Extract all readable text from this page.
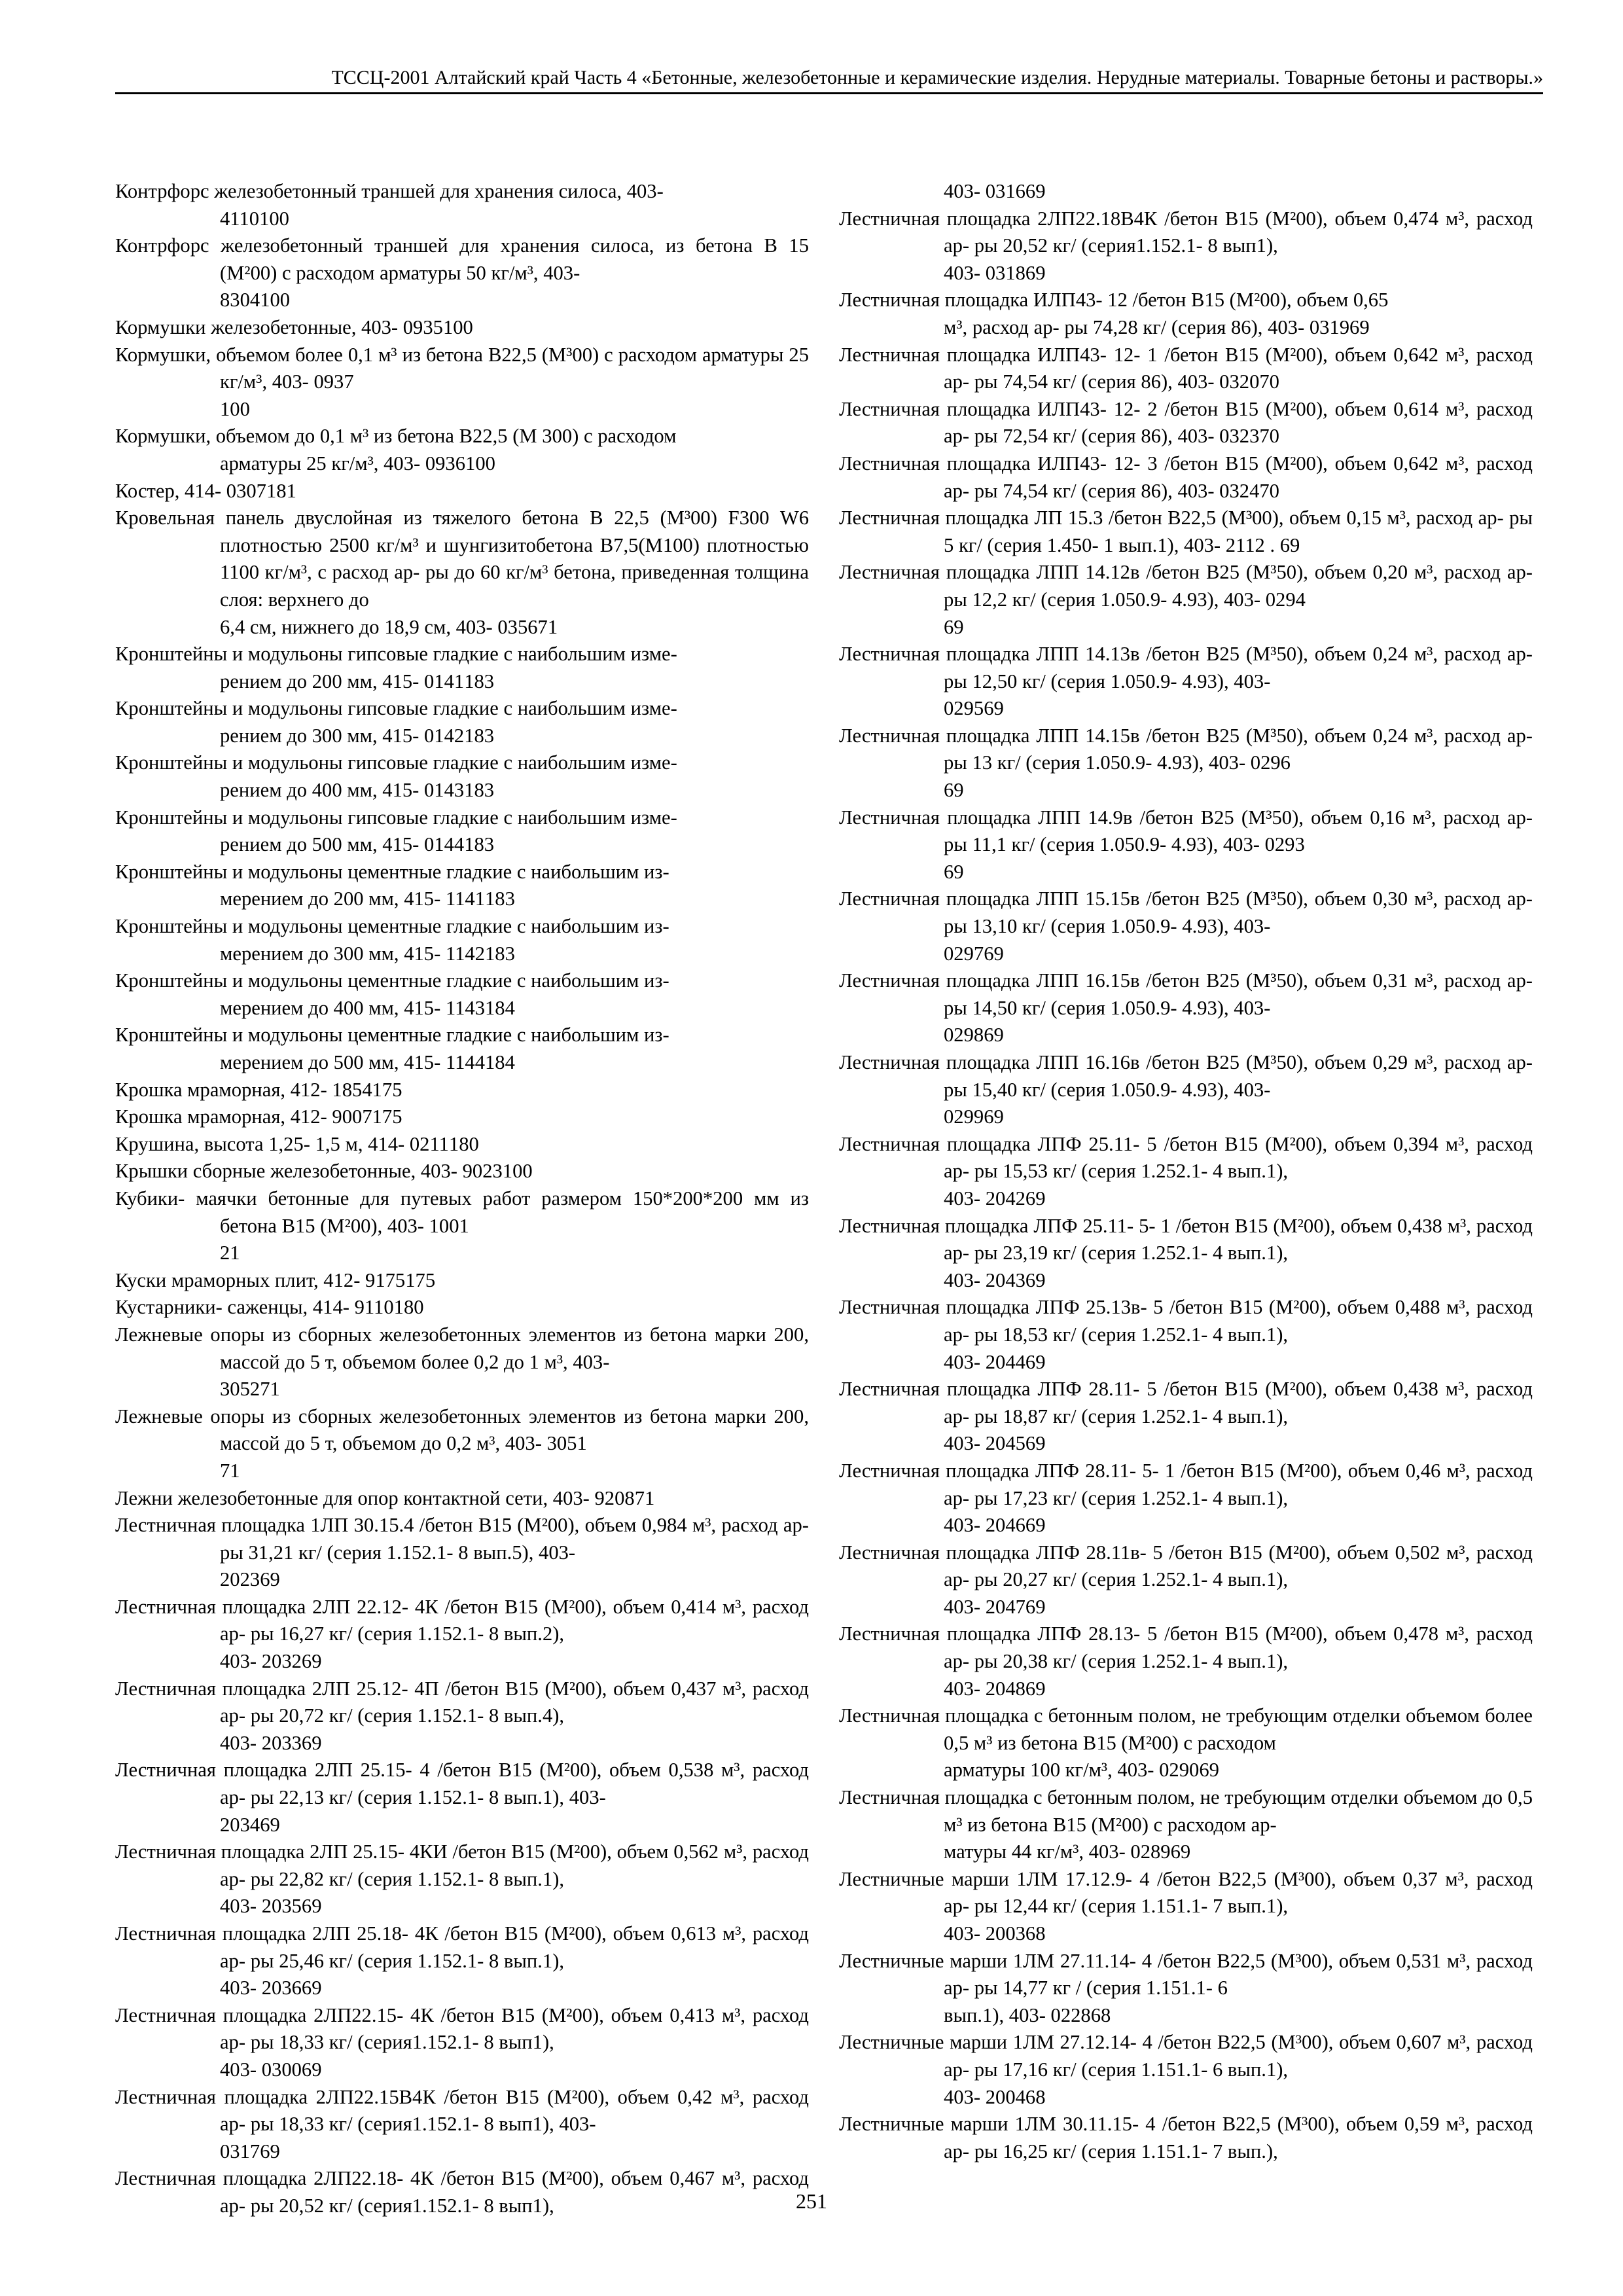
ТССЦ-2001 Алтайский край Часть 4 «Бетонные, железобетонные и керамические изделия. Нерудные материалы. Товарные бетоны и растворы.»
Контрфорс железобетонный траншей для хранения силоса, 403-
4110 100
Контрфорс железобетонный траншей для хранения силоса, из бетона В 15 (М²00) с расходом арматуры 50 кг/м³, 403-
8304 100
Кормушки железобетонные, 403- 0935 100
Кормушки, объемом более 0,1 м³ из бетона В22,5 (М³00) с расходом арматуры 25 кг/м³, 403- 0937
100
Кормушки, объемом до 0,1 м³ из бетона В22,5 (М 300) с расходом
арматуры 25 кг/м³, 403- 0936 100
Костер, 414- 0307 181
Кровельная панель двуслойная из тяжелого бетона В 22,5 (М³00) F300 W6 плотностью 2500 кг/м³ и шунгизитобетона В7,5(М100) плотностью 1100 кг/м³, с расход ар- ры до 60 кг/м³ бетона, приведенная толщина слоя: верхнего до
6,4 см, нижнего до 18,9 см, 403- 0356 71
Кронштейны и модульоны гипсовые гладкие с наибольшим изме-
рением до 200 мм, 415- 0141 183
Кронштейны и модульоны гипсовые гладкие с наибольшим изме-
рением до 300 мм, 415- 0142 183
Кронштейны и модульоны гипсовые гладкие с наибольшим изме-
рением до 400 мм, 415- 0143 183
Кронштейны и модульоны гипсовые гладкие с наибольшим изме-
рением до 500 мм, 415- 0144 183
Кронштейны и модульоны цементные гладкие с наибольшим из-
мерением до 200 мм, 415- 1141 183
Кронштейны и модульоны цементные гладкие с наибольшим из-
мерением до 300 мм, 415- 1142 183
Кронштейны и модульоны цементные гладкие с наибольшим из-
мерением до 400 мм, 415- 1143 184
Кронштейны и модульоны цементные гладкие с наибольшим из-
мерением до 500 мм, 415- 1144 184
Крошка мраморная, 412- 1854 175
Крошка мраморная, 412- 9007 175
Крушина, высота 1,25- 1,5 м, 414- 0211 180
Крышки сборные железобетонные, 403- 9023 100
Кубики- маячки бетонные для путевых работ размером 150*200*200 мм из бетона В15 (М²00), 403- 1001
21
Куски мраморных плит, 412- 9175 175
Кустарники- саженцы, 414- 9110 180
Лежневые опоры из сборных железобетонных элементов из бетона марки 200, массой до 5 т, объемом более 0,2 до 1 м³, 403-
3052 71
Лежневые опоры из сборных железобетонных элементов из бетона марки 200, массой до 5 т, объемом до 0,2 м³, 403- 3051
71
Лежни железобетонные для опор контактной сети, 403- 9208 71
Лестничная площадка 1ЛП 30.15.4 /бетон В15 (М²00), объем 0,984 м³, расход ар- ры 31,21 кг/ (серия 1.152.1- 8 вып.5), 403-
2023 69
Лестничная площадка 2ЛП 22.12- 4К /бетон В15 (М²00), объем 0,414 м³, расход ар- ры 16,27 кг/ (серия 1.152.1- 8 вып.2),
403- 2032 69
Лестничная площадка 2ЛП 25.12- 4П /бетон В15 (М²00), объем 0,437 м³, расход ар- ры 20,72 кг/ (серия 1.152.1- 8 вып.4),
403- 2033 69
Лестничная площадка 2ЛП 25.15- 4 /бетон В15 (М²00), объем 0,538 м³, расход ар- ры 22,13 кг/ (серия 1.152.1- 8 вып.1), 403-
2034 69
Лестничная площадка 2ЛП 25.15- 4КИ /бетон В15 (М²00), объем 0,562 м³, расход ар- ры 22,82 кг/ (серия 1.152.1- 8 вып.1),
403- 2035 69
Лестничная площадка 2ЛП 25.18- 4К /бетон В15 (М²00), объем 0,613 м³, расход ар- ры 25,46 кг/ (серия 1.152.1- 8 вып.1),
403- 2036 69
Лестничная площадка 2ЛП22.15- 4К /бетон В15 (М²00), объем 0,413 м³, расход ар- ры 18,33 кг/ (серия1.152.1- 8 вып1),
403- 0300 69
Лестничная площадка 2ЛП22.15В4К /бетон В15 (М²00), объем 0,42 м³, расход ар- ры 18,33 кг/ (серия1.152.1- 8 вып1), 403-
0317 69
Лестничная площадка 2ЛП22.18- 4К /бетон В15 (М²00), объем 0,467 м³, расход ар- ры 20,52 кг/ (серия1.152.1- 8 вып1),
403- 0316 69
Лестничная площадка 2ЛП22.18В4К /бетон В15 (М²00), объем 0,474 м³, расход ар- ры 20,52 кг/ (серия1.152.1- 8 вып1),
403- 0318 69
Лестничная площадка ИЛП43- 12 /бетон В15 (М²00), объем 0,65
м³, расход ар- ры 74,28 кг/ (серия 86), 403- 0319 69
Лестничная площадка ИЛП43- 12- 1 /бетон В15 (М²00), объем 0,642 м³, расход ар- ры 74,54 кг/ (серия 86), 403- 032070
Лестничная площадка ИЛП43- 12- 2 /бетон В15 (М²00), объем 0,614 м³, расход ар- ры 72,54 кг/ (серия 86), 403- 032370
Лестничная площадка ИЛП43- 12- 3 /бетон В15 (М²00), объем 0,642 м³, расход ар- ры 74,54 кг/ (серия 86), 403- 032470
Лестничная площадка ЛП 15.3 /бетон В22,5 (М³00), объем 0,15 м³, расход ар- ры 5 кг/ (серия 1.450- 1 вып.1), 403- 2112 . 69
Лестничная площадка ЛПП 14.12в /бетон В25 (М³50), объем 0,20 м³, расход ар- ры 12,2 кг/ (серия 1.050.9- 4.93), 403- 0294
69
Лестничная площадка ЛПП 14.13в /бетон В25 (М³50), объем 0,24 м³, расход ар- ры 12,50 кг/ (серия 1.050.9- 4.93), 403-
0295 69
Лестничная площадка ЛПП 14.15в /бетон В25 (М³50), объем 0,24 м³, расход ар- ры 13 кг/ (серия 1.050.9- 4.93), 403- 0296
69
Лестничная площадка ЛПП 14.9в /бетон В25 (М³50), объем 0,16 м³, расход ар- ры 11,1 кг/ (серия 1.050.9- 4.93), 403- 0293
69
Лестничная площадка ЛПП 15.15в /бетон В25 (М³50), объем 0,30 м³, расход ар- ры 13,10 кг/ (серия 1.050.9- 4.93), 403-
0297 69
Лестничная площадка ЛПП 16.15в /бетон В25 (М³50), объем 0,31 м³, расход ар- ры 14,50 кг/ (серия 1.050.9- 4.93), 403-
0298 69
Лестничная площадка ЛПП 16.16в /бетон В25 (М³50), объем 0,29 м³, расход ар- ры 15,40 кг/ (серия 1.050.9- 4.93), 403-
0299 69
Лестничная площадка ЛПФ 25.11- 5 /бетон В15 (М²00), объем 0,394 м³, расход ар- ры 15,53 кг/ (серия 1.252.1- 4 вып.1),
403- 2042 69
Лестничная площадка ЛПФ 25.11- 5- 1 /бетон В15 (М²00), объем 0,438 м³, расход ар- ры 23,19 кг/ (серия 1.252.1- 4 вып.1),
403- 2043 69
Лестничная площадка ЛПФ 25.13в- 5 /бетон В15 (М²00), объем 0,488 м³, расход ар- ры 18,53 кг/ (серия 1.252.1- 4 вып.1),
403- 2044 69
Лестничная площадка ЛПФ 28.11- 5 /бетон В15 (М²00), объем 0,438 м³, расход ар- ры 18,87 кг/ (серия 1.252.1- 4 вып.1),
403- 2045 69
Лестничная площадка ЛПФ 28.11- 5- 1 /бетон В15 (М²00), объем 0,46 м³, расход ар- ры 17,23 кг/ (серия 1.252.1- 4 вып.1),
403- 2046 69
Лестничная площадка ЛПФ 28.11в- 5 /бетон В15 (М²00), объем 0,502 м³, расход ар- ры 20,27 кг/ (серия 1.252.1- 4 вып.1),
403- 2047 69
Лестничная площадка ЛПФ 28.13- 5 /бетон В15 (М²00), объем 0,478 м³, расход ар- ры 20,38 кг/ (серия 1.252.1- 4 вып.1),
403- 2048 69
Лестничная площадка с бетонным полом, не требующим отделки объемом более 0,5 м³ из бетона В15 (М²00) с расходом
арматуры 100 кг/м³, 403- 0290 69
Лестничная площадка с бетонным полом, не требующим отделки объемом до 0,5 м³ из бетона В15 (М²00) с расходом ар-
матуры 44 кг/м³, 403- 0289 69
Лестничные марши 1ЛМ 17.12.9- 4 /бетон В22,5 (М³00), объем 0,37 м³, расход ар- ры 12,44 кг/ (серия 1.151.1- 7 вып.1),
403- 2003 68
Лестничные марши 1ЛМ 27.11.14- 4 /бетон В22,5 (М³00), объем 0,531 м³, расход ар- ры 14,77 кг / (серия 1.151.1- 6
вып.1), 403- 0228 68
Лестничные марши 1ЛМ 27.12.14- 4 /бетон В22,5 (М³00), объем 0,607 м³, расход ар- ры 17,16 кг/ (серия 1.151.1- 6 вып.1),
403- 2004 68
Лестничные марши 1ЛМ 30.11.15- 4 /бетон В22,5 (М³00), объем 0,59 м³, расход ар- ры 16,25 кг/ (серия 1.151.1- 7 вып.),
251
